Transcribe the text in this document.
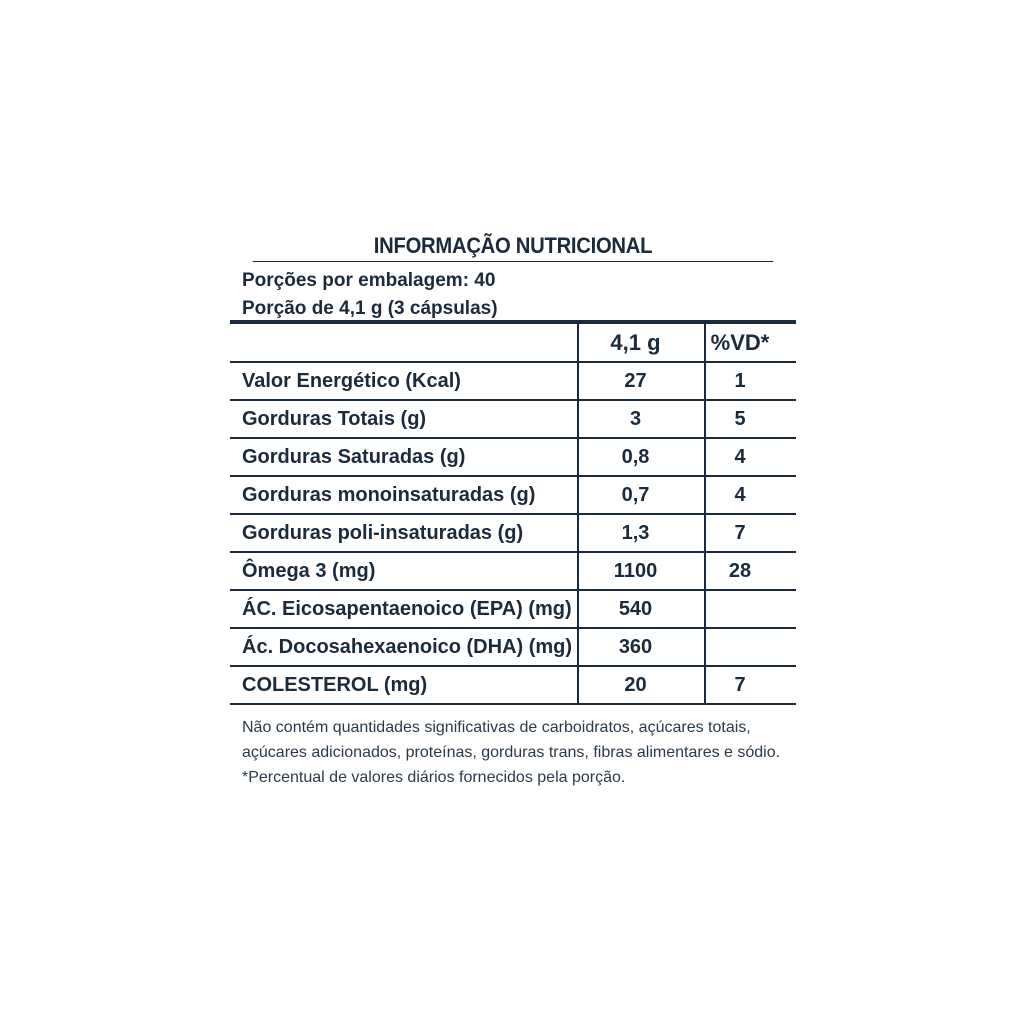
INFORMAÇÃO NUTRICIONAL
Porções por embalagem: 40
Porção de 4,1 g (3 cápsulas)
	4,1 g	%VD*
Valor Energético (Kcal)	27	1
Gorduras Totais (g)	3	5
Gorduras Saturadas (g)	0,8	4
Gorduras monoinsaturadas (g)	0,7	4
Gorduras poli-insaturadas (g)	1,3	7
Ômega 3 (mg)	1100	28
ÁC. Eicosapentaenoico (EPA) (mg)	540	
Ác. Docosahexaenoico (DHA) (mg)	360	
COLESTEROL (mg)	20	7
Não contém quantidades significativas de carboidratos, açúcares totais,
açúcares adicionados, proteínas, gorduras trans, fibras alimentares e sódio.
*Percentual de valores diários fornecidos pela porção.
